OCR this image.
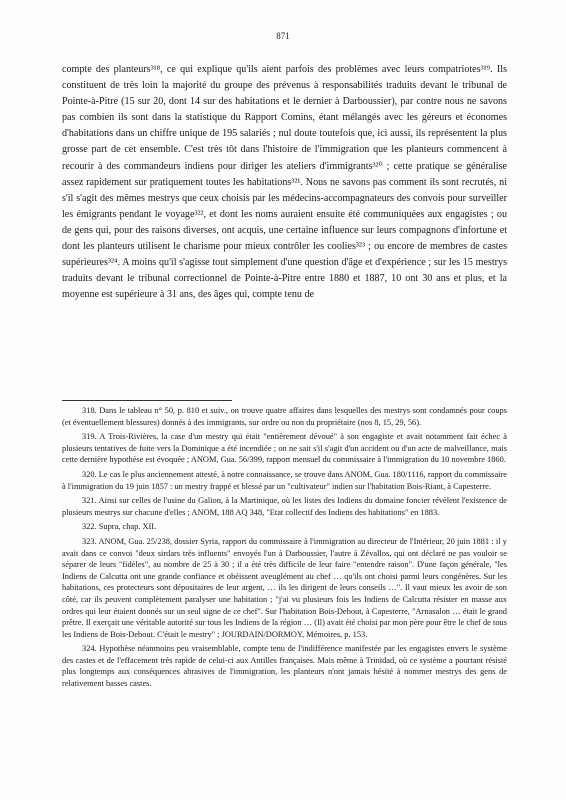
871

compte des planteurs³¹⁸, ce qui explique qu'ils aient parfois des problèmes avec leurs compatriotes³¹⁹. Ils constituent de très loin la majorité du groupe des prévenus à responsabilités traduits devant le tribunal de Pointe-à-Pitre (15 sur 20, dont 14 sur des habitations et le dernier à Darboussier), par contre nous ne savons pas combien ils sont dans la statistique du Rapport Comins, étant mélangés avec les géreurs et économes d'habitations dans un chiffre unique de 195 salariés ; nul doute toutefois que, ici aussi, ils représentent la plus grosse part de cet ensemble. C'est très tôt dans l'histoire de l'immigration que les planteurs commencent à recourir à des commandeurs indiens pour diriger les ateliers d'immigrants³²⁰ ; cette pratique se généralise assez rapidement sur pratiquement toutes les habitations³²¹. Nous ne savons pas comment ils sont recrutés, ni s'il s'agit des mêmes mestrys que ceux choisis par les médecins-accompagnateurs des convois pour surveiller les émigrants pendant le voyage³²², et dont les noms auraient ensuite été communiquées aux engagistes ; ou de gens qui, pour des raisons diverses, ont acquis, une certaine influence sur leurs compagnons d'infortune et dont les planteurs utilisent le charisme pour mieux contrôler les coolies³²³ ; ou encore de membres de castes supérieures³²⁴. A moins qu'il s'agisse tout simplement d'une question d'âge et d'expérience ; sur les 15 mestrys traduits devant le tribunal correctionnel de Pointe-à-Pitre entre 1880 et 1887, 10 ont 30 ans et plus, et la moyenne est supérieure à 31 ans, des âges qui, compte tenu de

318. Dans le tableau n° 50, p. 810 et suiv., on trouve quatre affaires dans lesquelles des mestrys sont condamnés pour coups (et éventuellement blessures) donnés à des immigrants, sur ordre ou non du propriétaire (nos 8, 15, 29, 56).

319. A Trois-Rivières, la case d'un mestry qui était "entièrement dévoué" à son engagiste et avait notamment fait échec à plusieurs tentatives de fuite vers la Dominique a été incendiée ; on ne sait s'il s'agit d'un accident ou d'un acte de malveillance, mais cette dernière hypothèse est évoquée ; ANOM, Gua. 56/399, rapport mensuel du commissaire à l'immigration du 10 novembre 1860.

320. Le cas le plus anciennement attesté, à notre connaissance, se trouve dans ANOM, Gua. 180/1116, rapport du commissaire à l'immigration du 19 juin 1857 : un mestry frappé et blessé par un "cultivateur" indien sur l'habitation Bois-Riant, à Capesterre.

321. Ainsi sur celles de l'usine du Galion, à la Martinique, où les listes des Indiens du domaine foncier révèlent l'existence de plusieurs mestrys sur chacune d'elles ; ANOM, 188 AQ 348, "Etat collectif des Indiens des habitations" en 1883.

322. Supra, chap. XII.

323. ANOM, Gua. 25/238, dossier Syria, rapport du commissaire à l'immigration au directeur de l'Intérieur, 20 juin 1881 : il y avait dans ce convoi "deux sirdars très influents" envoyés l'un à Darboussier, l'autre à Zévallos, qui ont déclaré ne pas vouloir se séparer de leurs "fidèles", au nombre de 25 à 30 ; il a été très difficile de leur faire "entendre raison". D'une façon générale, "les Indiens de Calcutta ont une grande confiance et obéissent aveuglément au chef … qu'ils ont choisi parmi leurs congénères. Sur les habitations, ces protecteurs sont dépositaires de leur argent, … ils les dirigent de leurs conseils …". Il vaut mieux les avoir de son côté, car ils peuvent complètement paralyser une habitation ; "j'ai vu plusieurs fois les Indiens de Calcutta résister en masse aux ordres qui leur étaient donnés sur un seul signe de ce chef". Sur l'habitation Bois-Debout, à Capesterre, "Arnasalon … était le grand prêtre. Il exerçait une véritable autorité sur tous les Indiens de la région … (Il) avait été choisi par mon père pour être le chef de tous les Indiens de Bois-Debout. C'était le mestry" ; JOURDAIN/DORMOY, Mémoires, p. 153.

324. Hypothèse néanmoins peu vraisemblable, compte tenu de l'indifférence manifestée par les engagistes envers le système des castes et de l'effacement très rapide de celui-ci aux Antilles françaises. Mais même à Trinidad, où ce système a pourtant résisté plus longtemps aux conséquences abrasives de l'immigration, les planteurs n'ont jamais hésité à nommer mestrys des gens de relativement basses castes.
